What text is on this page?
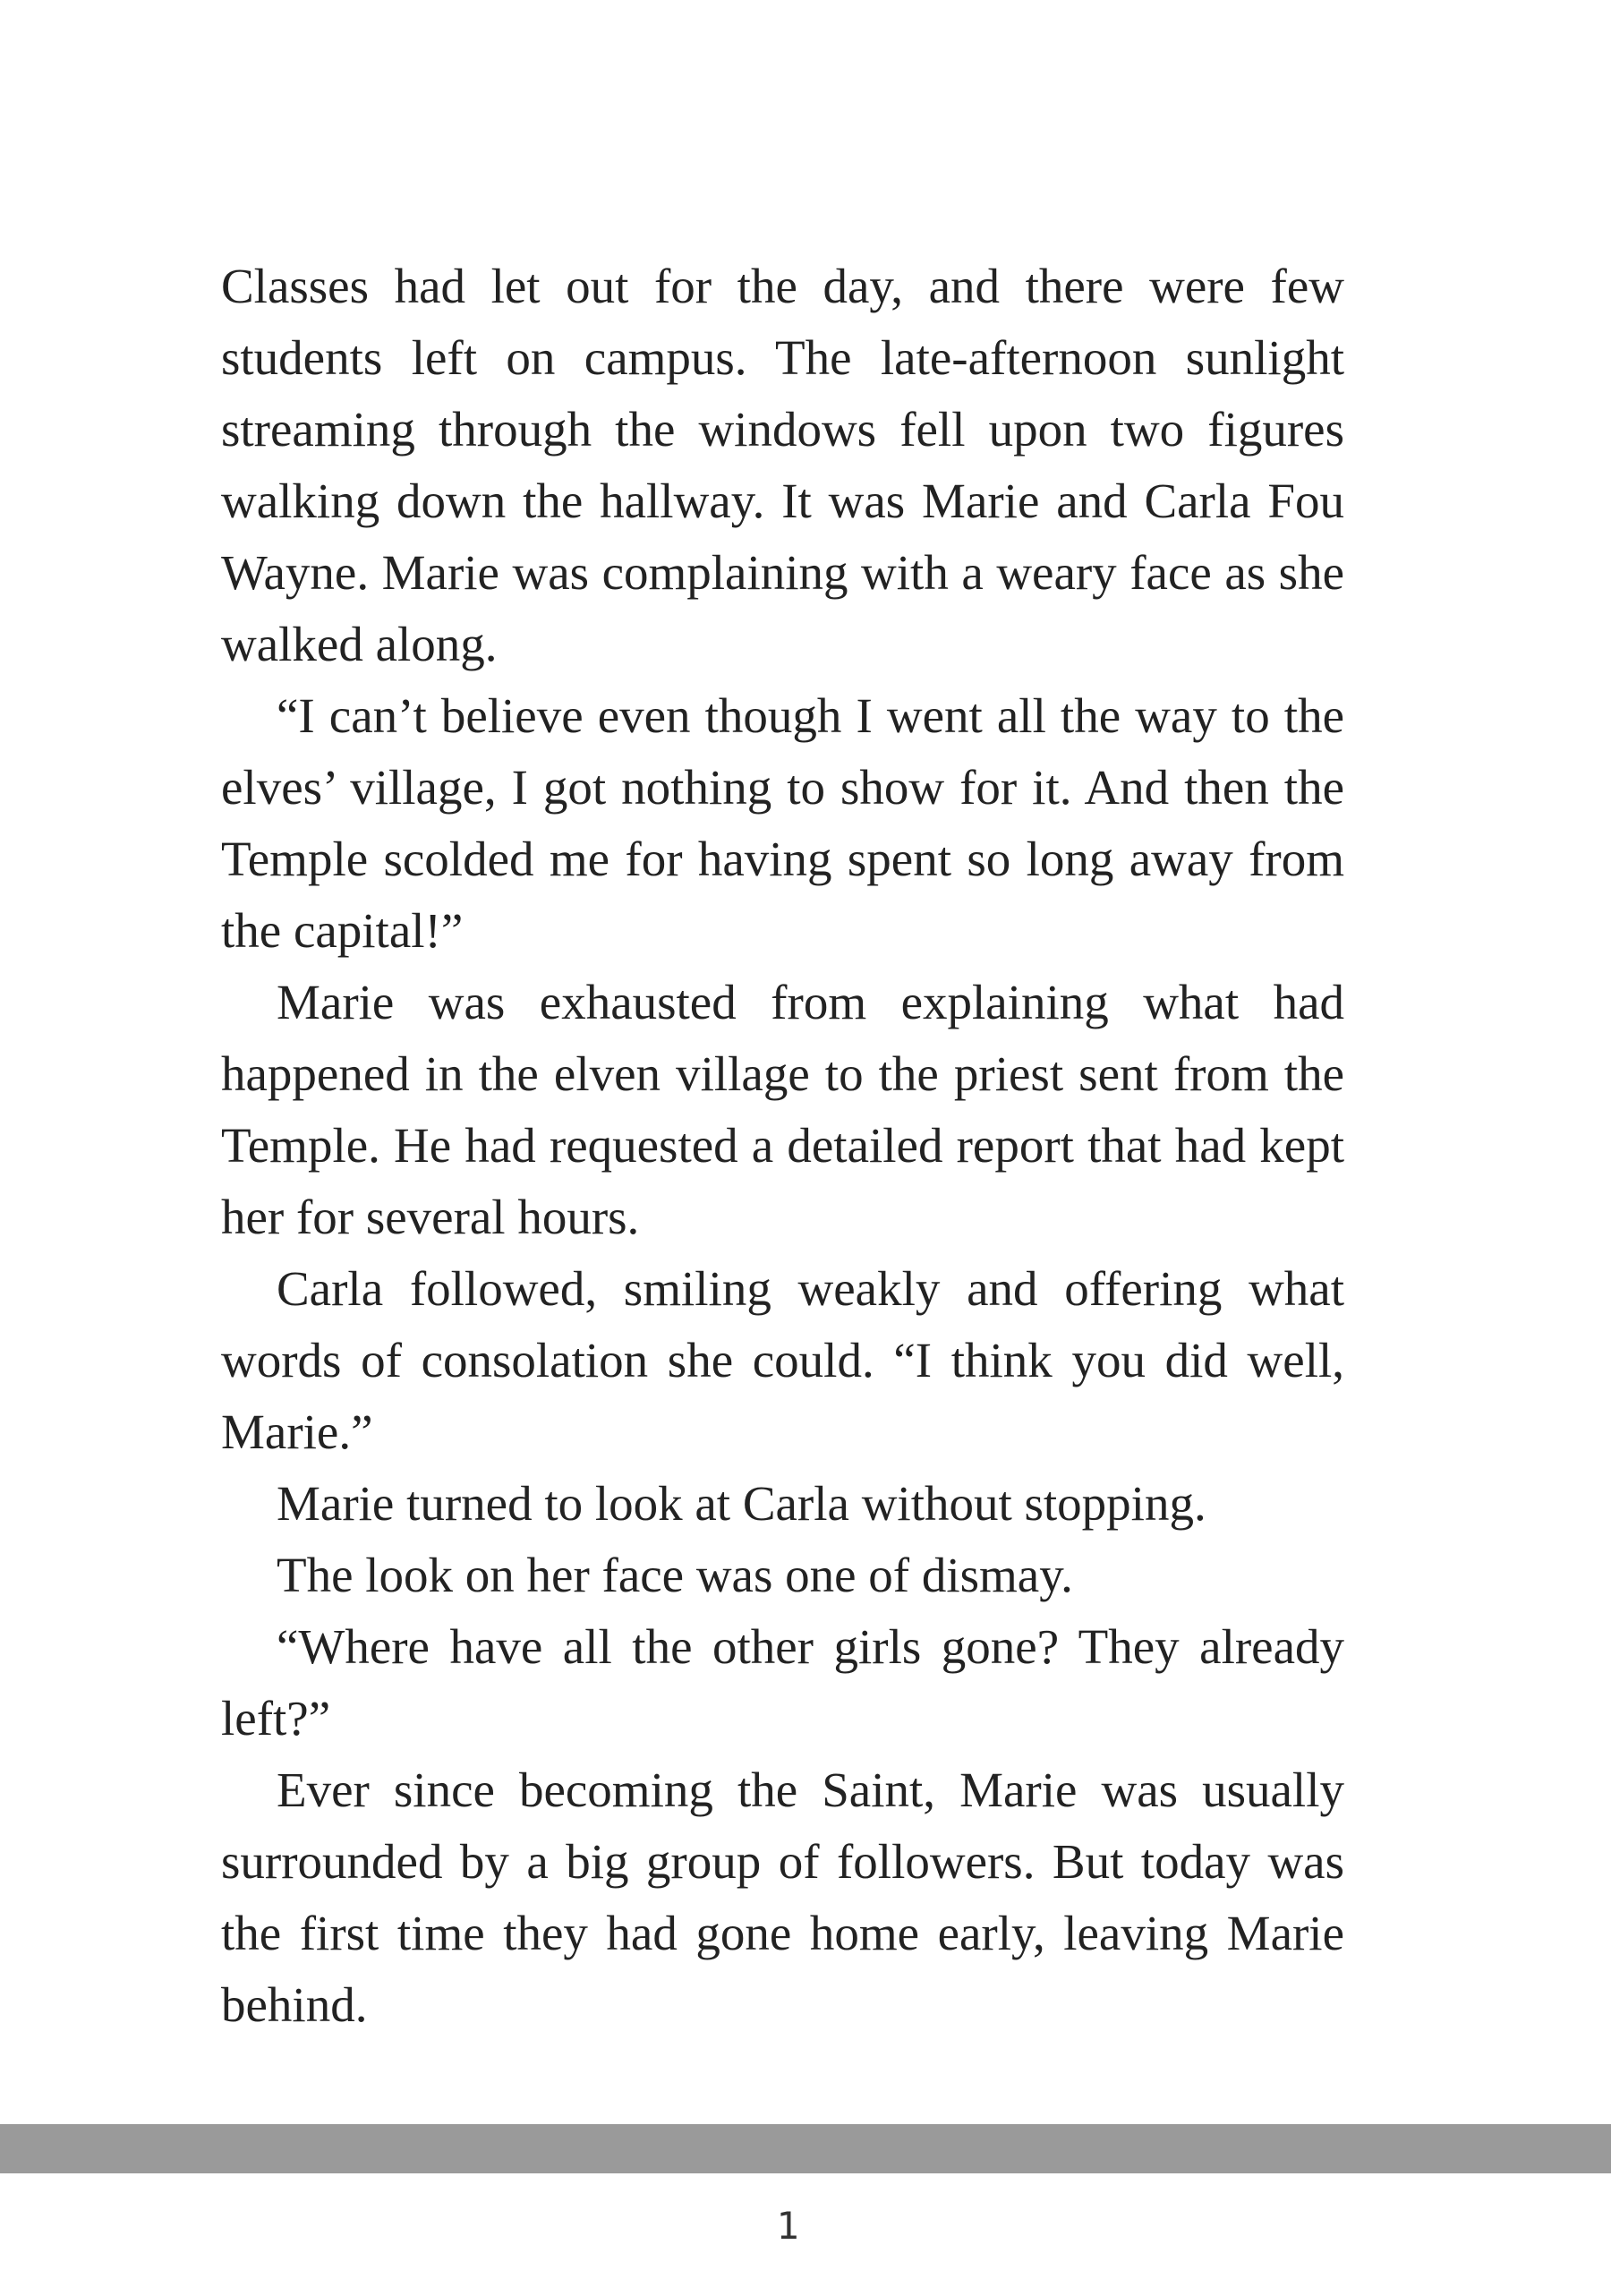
Classes had let out for the day, and there were few students left on campus. The late-afternoon sunlight streaming through the windows fell upon two figures walking down the hallway. It was Marie and Carla Fou Wayne. Marie was complaining with a weary face as she walked along.

“I can’t believe even though I went all the way to the elves’ village, I got nothing to show for it. And then the Temple scolded me for having spent so long away from the capital!”

Marie was exhausted from explaining what had happened in the elven village to the priest sent from the Temple. He had requested a detailed report that had kept her for several hours.

Carla followed, smiling weakly and offering what words of consolation she could. “I think you did well, Marie.”

Marie turned to look at Carla without stopping.

The look on her face was one of dismay.

“Where have all the other girls gone? They already left?”

Ever since becoming the Saint, Marie was usually surrounded by a big group of followers. But today was the first time they had gone home early, leaving Marie behind.

1
